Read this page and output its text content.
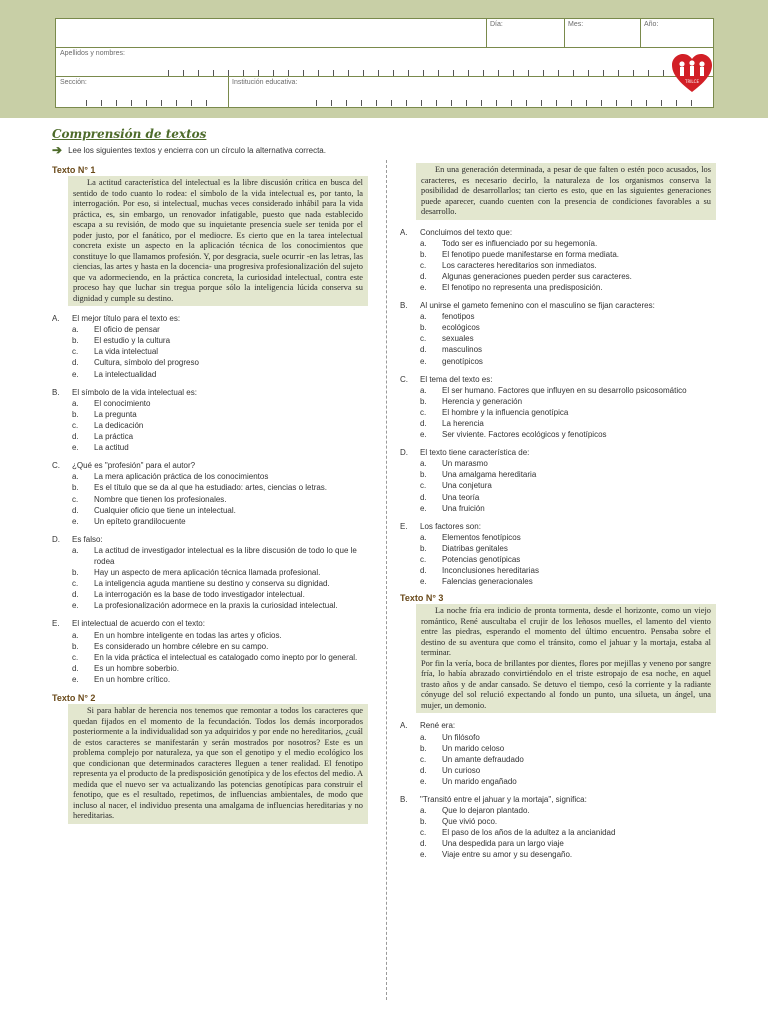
Día:	Mes:	Año:
Apellidos y nombres:
Sección:	Institución educativa:	TRILCE
Comprensión de textos
➔ Lee los siguientes textos y encierra con un círculo la alternativa correcta.
Texto N° 1

La actitud característica del intelectual es la libre discusión crítica en busca del sentido de todo cuanto lo rodea: el símbolo de la vida intelectual es, por tanto, la interrogación. Por eso, si intelectual, muchas veces considerado inhábil para la vida práctica, es, sin embargo, un renovador infatigable, puesto que nada establecido escapa a su revisión, de modo que su inquietante presencia suele ser tenida por el poder justo, por el fanático, por el mediocre. Es cierto que en la tarea intelectual concreta existe un aspecto en la aplicación técnica de los conocimientos que constituye lo que llamamos profesión. Y, por desgracia, suele ocurrir -en las letras, las ciencias, las artes y hasta en la docencia- una progresiva profesionalización del sujeto que va adormeciendo, en la práctica concreta, la curiosidad intelectual, contra este proceso hay que luchar sin tregua porque sólo la inteligencia lúcida conserva su dignidad y cumple su destino.

A.	El mejor título para el texto es:
a.	El oficio de pensar
b.	El estudio y la cultura
c.	La vida intelectual
d.	Cultura, símbolo del progreso
e.	La intelectualidad
B.	El símbolo de la vida intelectual es:
a.	El conocimiento
b.	La pregunta
c.	La dedicación
d.	La práctica
e.	La actitud
C.	¿Qué es "profesión" para el autor?
a.	La mera aplicación práctica de los conocimientos
b.	Es el título que se da al que ha estudiado: artes, ciencias o letras.
c.	Nombre que tienen los profesionales.
d.	Cualquier oficio que tiene un intelectual.
e.	Un epíteto grandilocuente
D.	Es falso:
a.	La actitud de investigador intelectual es la libre discusión de todo lo que le rodea
b.	Hay un aspecto de mera aplicación técnica llamada profesional.
c.	La inteligencia aguda mantiene su destino y conserva su dignidad.
d.	La interrogación es la base de todo investigador intelectual.
e.	La profesionalización adormece en la praxis la curiosidad intelectual.
E.	El intelectual de acuerdo con el texto:
a.	En un hombre inteligente en todas las artes y oficios.
b.	Es considerado un hombre célebre en su campo.
c.	En la vida práctica el intelectual es catalogado como inepto por lo general.
d.	Es un hombre soberbio.
e.	En un hombre crítico.
Texto N° 2

Si para hablar de herencia nos tenemos que remontar a todos los caracteres que quedan fijados en el momento de la fecundación. Todos los demás incorporados posteriormente a la individualidad son ya adquiridos y por ende no hereditarios, ¿cuál de estos caracteres se manifestarán y serán mostrados por nosotros? Este es un problema complejo por naturaleza, ya que son el genotipo y el medio ecológico los que condicionan que determinados caracteres lleguen a tener realidad. El fenotipo representa ya el producto de la predisposición genotípica y de los efectos del medio. A medida que el nuevo ser va actualizando las potencias genotípicas para construir el fenotipo, que es el resultado, repetimos, de influencias ambientales, de modo que incluso al nacer, el individuo presenta una amalgama de influencias hereditarias y no hereditarias.

En una generación determinada, a pesar de que falten o estén poco acusados, los caracteres, es necesario decirlo, la naturaleza de los organismos conserva la posibilidad de desarrollarlos; tan cierto es esto, que en las siguientes generaciones puede aparecer, cuando cuenten con la presencia de condiciones favorables a su desarrollo.

A.	Concluimos del texto que:
a.	Todo ser es influenciado por su hegemonía.
b.	El fenotipo puede manifestarse en forma mediata.
c.	Los caracteres hereditarios son inmediatos.
d.	Algunas generaciones pueden perder sus caracteres.
e.	El fenotipo no representa una predisposición.
B.	Al unirse el gameto femenino con el masculino se fijan caracteres:
a.	fenotipos
b.	ecológicos
c.	sexuales
d.	masculinos
e.	genotípicos
C.	El tema del texto es:
a.	El ser humano. Factores que influyen en su desarrollo psicosomático
b.	Herencia y generación
c.	El hombre y la influencia genotípica
d.	La herencia
e.	Ser viviente. Factores ecológicos y fenotípicos
D.	El texto tiene característica de:
a.	Un marasmo
b.	Una amalgama hereditaria
c.	Una conjetura
d.	Una teoría
e.	Una fruición
E.	Los factores son:
a.	Elementos fenotípicos
b.	Diatribas genitales
c.	Potencias genotípicas
d.	Inconclusiones hereditarias
e.	Falencias generacionales
Texto N° 3

La noche fría era indicio de pronta tormenta, desde el horizonte, como un viejo romántico, René auscultaba el crujir de los leñosos muelles, el lamento del viento entre las piedras, esperando el momento del último encuentro. Pensaba sobre el destino de su aventura que como el tránsito, como el jahuar y la mortaja, estaba al terminar.

Por fin la vería, boca de brillantes por dientes, flores por mejillas y veneno por sangre fría, lo había abrazado convirtiéndolo en el triste estropajo de esa noche, en aquel trasto años y de andar cansado. Se detuvo el tiempo, cesó la corriente y la radiante cónyuge del sol relució expectando al fondo un punto, una silueta, un ángel, una mujer, un demonio.

A.	René era:
a.	Un filósofo
b.	Un marido celoso
c.	Un amante defraudado
d.	Un curioso
e.	Un marido engañado
B.	"Transitó entre el jahuar y la mortaja", significa:
a.	Que lo dejaron plantado.
b.	Que vivió poco.
c.	El paso de los años de la adultez a la ancianidad
d.	Una despedida para un largo viaje
e.	Viaje entre su amor y su desengaño.
